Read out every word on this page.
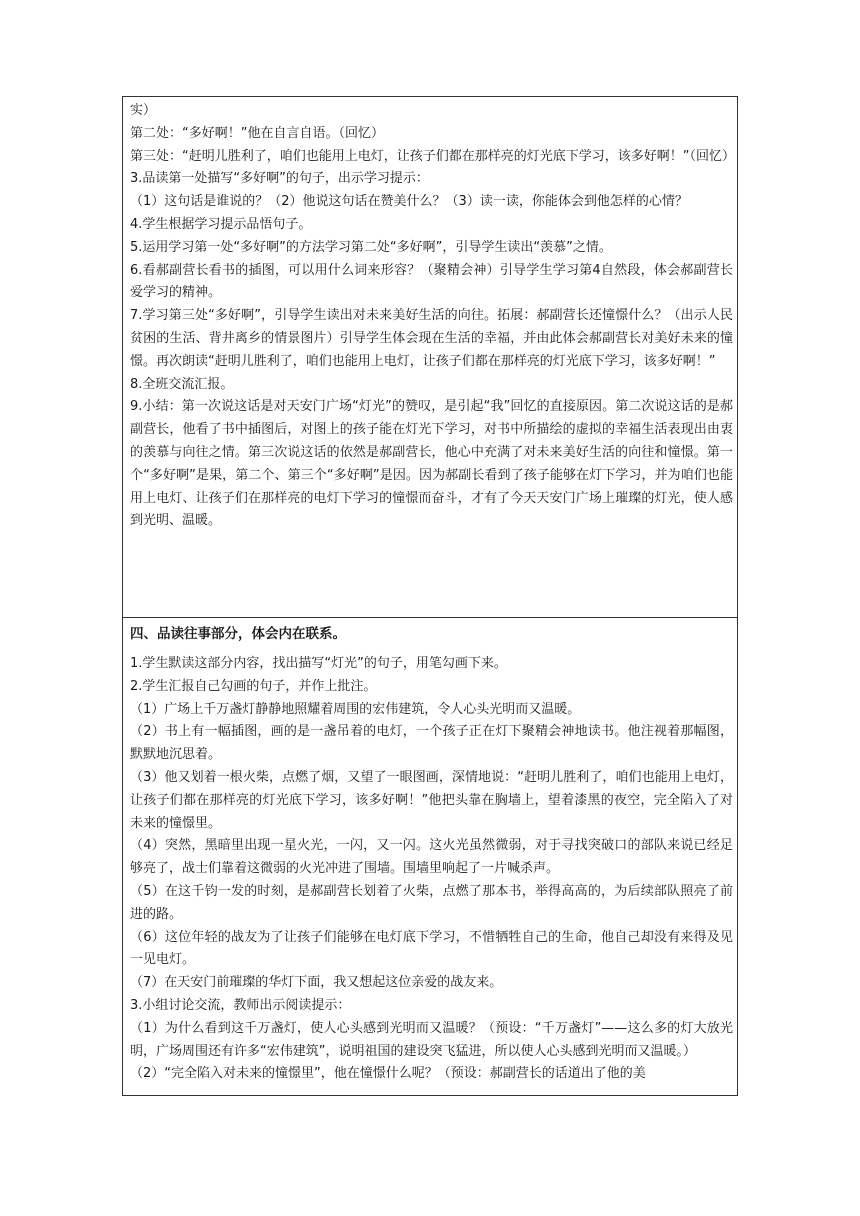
实）

第二处：“多好啊！”他在自言自语。（回忆）

第三处：“赶明儿胜利了，咱们也能用上电灯，让孩子们都在那样亮的灯光底下学习，该多好啊！”（回忆）

3.品读第一处描写“多好啊”的句子，出示学习提示：

（1）这句话是谁说的？（2）他说这句话在赞美什么？（3）读一读，你能体会到他怎样的心情？

4.学生根据学习提示品悟句子。

5.运用学习第一处“多好啊”的方法学习第二处“多好啊”，引导学生读出“羡慕”之情。

6.看郝副营长看书的插图，可以用什么词来形容？（聚精会神）引导学生学习第4自然段，体会郝副营长爱学习的精神。

7.学习第三处“多好啊”，引导学生读出对未来美好生活的向往。拓展：郝副营长还憧憬什么？（出示人民贫困的生活、背井离乡的情景图片）引导学生体会现在生活的幸福，并由此体会郝副营长对美好未来的憧憬。再次朗读“赶明儿胜利了，咱们也能用上电灯，让孩子们都在那样亮的灯光底下学习，该多好啊！”

8.全班交流汇报。

9.小结：第一次说这话是对天安门广场“灯光”的赞叹，是引起“我”回忆的直接原因。第二次说这话的是郝副营长，他看了书中插图后，对图上的孩子能在灯光下学习，对书中所描绘的虚拟的幸福生活表现出由衷的羡慕与向往之情。第三次说这话的依然是郝副营长，他心中充满了对未来美好生活的向往和憧憬。第一个“多好啊”是果，第二个、第三个“多好啊”是因。因为郝副长看到了孩子能够在灯下学习，并为咱们也能用上电灯、让孩子们在那样亮的电灯下学习的憧憬而奋斗，才有了今天天安门广场上璀璨的灯光，使人感到光明、温暖。

四、品读往事部分，体会内在联系。

1.学生默读这部分内容，找出描写“灯光”的句子，用笔勾画下来。

2.学生汇报自己勾画的句子，并作上批注。

（1）广场上千万盏灯静静地照耀着周围的宏伟建筑，令人心头光明而又温暖。

（2）书上有一幅插图，画的是一盏吊着的电灯，一个孩子正在灯下聚精会神地读书。他注视着那幅图，默默地沉思着。

（3）他又划着一根火柴，点燃了烟，又望了一眼图画，深情地说：“赶明儿胜利了，咱们也能用上电灯，让孩子们都在那样亮的灯光底下学习，该多好啊！”他把头靠在胸墙上，望着漆黑的夜空，完全陷入了对未来的憧憬里。

（4）突然，黑暗里出现一星火光，一闪，又一闪。这火光虽然微弱，对于寻找突破口的部队来说已经足够亮了，战士们靠着这微弱的火光冲进了围墙。围墙里响起了一片喊杀声。

（5）在这千钧一发的时刻，是郝副营长划着了火柴，点燃了那本书，举得高高的，为后续部队照亮了前进的路。

（6）这位年轻的战友为了让孩子们能够在电灯底下学习，不惜牺牲自己的生命，他自己却没有来得及见一见电灯。

（7）在天安门前璀璨的华灯下面，我又想起这位亲爱的战友来。

3.小组讨论交流，教师出示阅读提示：

（1）为什么看到这千万盏灯，使人心头感到光明而又温暖？（预设：“千万盏灯”——这么多的灯大放光明，广场周围还有许多“宏伟建筑”，说明祖国的建设突飞猛进，所以使人心头感到光明而又温暖。）

（2）“完全陷入对未来的憧憬里”，他在憧憬什么呢？（预设：郝副营长的话道出了他的美
